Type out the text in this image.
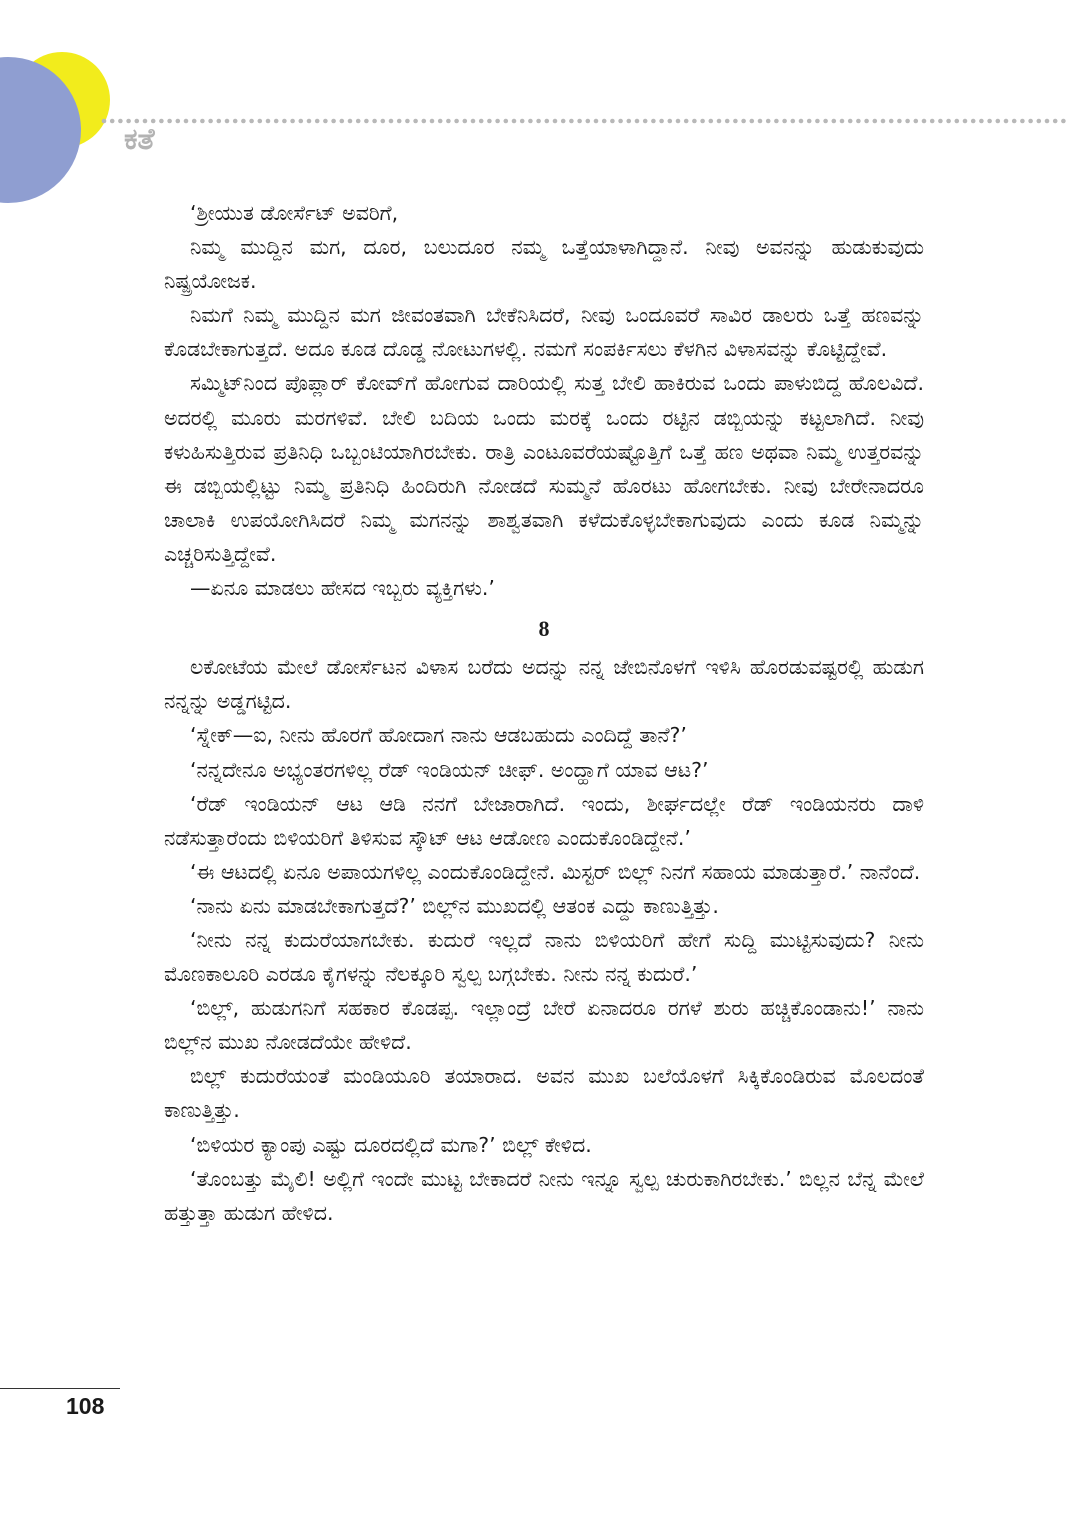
ಕತೆ

‘ಶ್ರೀಯುತ ಡೋರ್ಸೆಟ್ ಅವರಿಗೆ,

ನಿಮ್ಮ ಮುದ್ದಿನ ಮಗ, ದೂರ, ಬಲುದೂರ ನಮ್ಮ ಒತ್ತೆಯಾಳಾಗಿದ್ದಾನೆ. ನೀವು ಅವನನ್ನು ಹುಡುಕುವುದು ನಿಷ್ಪ್ರಯೋಜಕ.

ನಿಮಗೆ ನಿಮ್ಮ ಮುದ್ದಿನ ಮಗ ಜೀವಂತವಾಗಿ ಬೇಕೆನಿಸಿದರೆ, ನೀವು ಒಂದೂವರೆ ಸಾವಿರ ಡಾಲರು ಒತ್ತೆ ಹಣವನ್ನು ಕೊಡಬೇಕಾಗುತ್ತದೆ. ಅದೂ ಕೂಡ ದೊಡ್ಡ ನೋಟುಗಳಲ್ಲಿ. ನಮಗೆ ಸಂಪರ್ಕಿಸಲು ಕೆಳಗಿನ ವಿಳಾಸವನ್ನು ಕೊಟ್ಟಿದ್ದೇವೆ.

ಸಮ್ಮಿಟ್‌ನಿಂದ ಪೊಪ್ಲಾರ್ ಕೋವ್‌ಗೆ ಹೋಗುವ ದಾರಿಯಲ್ಲಿ ಸುತ್ತ ಬೇಲಿ ಹಾಕಿರುವ ಒಂದು ಪಾಳುಬಿದ್ದ ಹೊಲವಿದೆ. ಅದರಲ್ಲಿ ಮೂರು ಮರಗಳಿವೆ. ಬೇಲಿ ಬದಿಯ ಒಂದು ಮರಕ್ಕೆ ಒಂದು ರಟ್ಟಿನ ಡಬ್ಬಿಯನ್ನು ಕಟ್ಟಲಾಗಿದೆ. ನೀವು ಕಳುಹಿಸುತ್ತಿರುವ ಪ್ರತಿನಿಧಿ ಒಬ್ಬಂಟಿಯಾಗಿರಬೇಕು. ರಾತ್ರಿ ಎಂಟೂವರೆಯಷ್ಟೊತ್ತಿಗೆ ಒತ್ತೆ ಹಣ ಅಥವಾ ನಿಮ್ಮ ಉತ್ತರವನ್ನು ಈ ಡಬ್ಬಿಯಲ್ಲಿಟ್ಟು ನಿಮ್ಮ ಪ್ರತಿನಿಧಿ ಹಿಂದಿರುಗಿ ನೋಡದೆ ಸುಮ್ಮನೆ ಹೊರಟು ಹೋಗಬೇಕು. ನೀವು ಬೇರೇನಾದರೂ ಚಾಲಾಕಿ ಉಪಯೋಗಿಸಿದರೆ ನಿಮ್ಮ ಮಗನನ್ನು ಶಾಶ್ವತವಾಗಿ ಕಳೆದುಕೊಳ್ಳಬೇಕಾಗುವುದು ಎಂದು ಕೂಡ ನಿಮ್ಮನ್ನು ಎಚ್ಚರಿಸುತ್ತಿದ್ದೇವೆ.

—ಏನೂ ಮಾಡಲು ಹೇಸದ ಇಬ್ಬರು ವ್ಯಕ್ತಿಗಳು.’

8

ಲಕೋಟೆಯ ಮೇಲೆ ಡೋರ್ಸೆಟನ ವಿಳಾಸ ಬರೆದು ಅದನ್ನು ನನ್ನ ಜೇಬಿನೊಳಗೆ ಇಳಿಸಿ ಹೊರಡುವಷ್ಟರಲ್ಲಿ ಹುಡುಗ ನನ್ನನ್ನು ಅಡ್ಡಗಟ್ಟಿದ.

‘ಸ್ನೇಕ್—ಐ, ನೀನು ಹೊರಗೆ ಹೋದಾಗ ನಾನು ಆಡಬಹುದು ಎಂದಿದ್ದೆ ತಾನೆ?’

‘ನನ್ನದೇನೂ ಅಭ್ಯಂತರಗಳಿಲ್ಲ ರೆಡ್ ಇಂಡಿಯನ್ ಚೀಫ್. ಅಂದ್ಹಾಗೆ ಯಾವ ಆಟ?’

‘ರೆಡ್ ಇಂಡಿಯನ್ ಆಟ ಆಡಿ ನನಗೆ ಬೇಜಾರಾಗಿದೆ. ಇಂದು, ಶೀರ್ಘದಲ್ಲೇ ರೆಡ್ ಇಂಡಿಯನರು ದಾಳಿ ನಡೆಸುತ್ತಾರೆಂದು ಬಿಳಿಯರಿಗೆ ತಿಳಿಸುವ ಸ್ಕೌಟ್ ಆಟ ಆಡೋಣ ಎಂದುಕೊಂಡಿದ್ದೇನೆ.’

‘ಈ ಆಟದಲ್ಲಿ ಏನೂ ಅಪಾಯಗಳಿಲ್ಲ ಎಂದುಕೊಂಡಿದ್ದೇನೆ. ಮಿಸ್ಟರ್ ಬಿಲ್ಲ್ ನಿನಗೆ ಸಹಾಯ ಮಾಡುತ್ತಾರೆ.’ ನಾನೆಂದೆ.

‘ನಾನು ಏನು ಮಾಡಬೇಕಾಗುತ್ತದೆ?’ ಬಿಲ್ಲ್‌ನ ಮುಖದಲ್ಲಿ ಆತಂಕ ಎದ್ದು ಕಾಣುತ್ತಿತ್ತು.

‘ನೀನು ನನ್ನ ಕುದುರೆಯಾಗಬೇಕು. ಕುದುರೆ ಇಲ್ಲದೆ ನಾನು ಬಿಳಿಯರಿಗೆ ಹೇಗೆ ಸುದ್ದಿ ಮುಟ್ಟಿಸುವುದು? ನೀನು ಮೊಣಕಾಲೂರಿ ಎರಡೂ ಕೈಗಳನ್ನು ನೆಲಕ್ಕೂರಿ ಸ್ವಲ್ಪ ಬಗ್ಗಬೇಕು. ನೀನು ನನ್ನ ಕುದುರೆ.’

‘ಬಿಲ್ಲ್, ಹುಡುಗನಿಗೆ ಸಹಕಾರ ಕೊಡಪ್ಪ. ಇಲ್ಲಾಂದ್ರೆ ಬೇರೆ ಏನಾದರೂ ರಗಳೆ ಶುರು ಹಚ್ಚಿಕೊಂಡಾನು!’ ನಾನು ಬಿಲ್ಲ್‌ನ ಮುಖ ನೋಡದೆಯೇ ಹೇಳಿದೆ.

ಬಿಲ್ಲ್ ಕುದುರೆಯಂತೆ ಮಂಡಿಯೂರಿ ತಯಾರಾದ. ಅವನ ಮುಖ ಬಲೆಯೊಳಗೆ ಸಿಕ್ಕಿಕೊಂಡಿರುವ ಮೊಲದಂತೆ ಕಾಣುತ್ತಿತ್ತು.

‘ಬಿಳಿಯರ ಕ್ಯಾಂಪು ಎಷ್ಟು ದೂರದಲ್ಲಿದೆ ಮಗಾ?’ ಬಿಲ್ಲ್ ಕೇಳಿದ.

‘ತೊಂಬತ್ತು ಮೈಲಿ! ಅಲ್ಲಿಗೆ ಇಂದೇ ಮುಟ್ಟ ಬೇಕಾದರೆ ನೀನು ಇನ್ನೂ ಸ್ವಲ್ಪ ಚುರುಕಾಗಿರಬೇಕು.’ ಬಿಲ್ಲನ ಬೆನ್ನ ಮೇಲೆ ಹತ್ತುತ್ತಾ ಹುಡುಗ ಹೇಳಿದ.

108
